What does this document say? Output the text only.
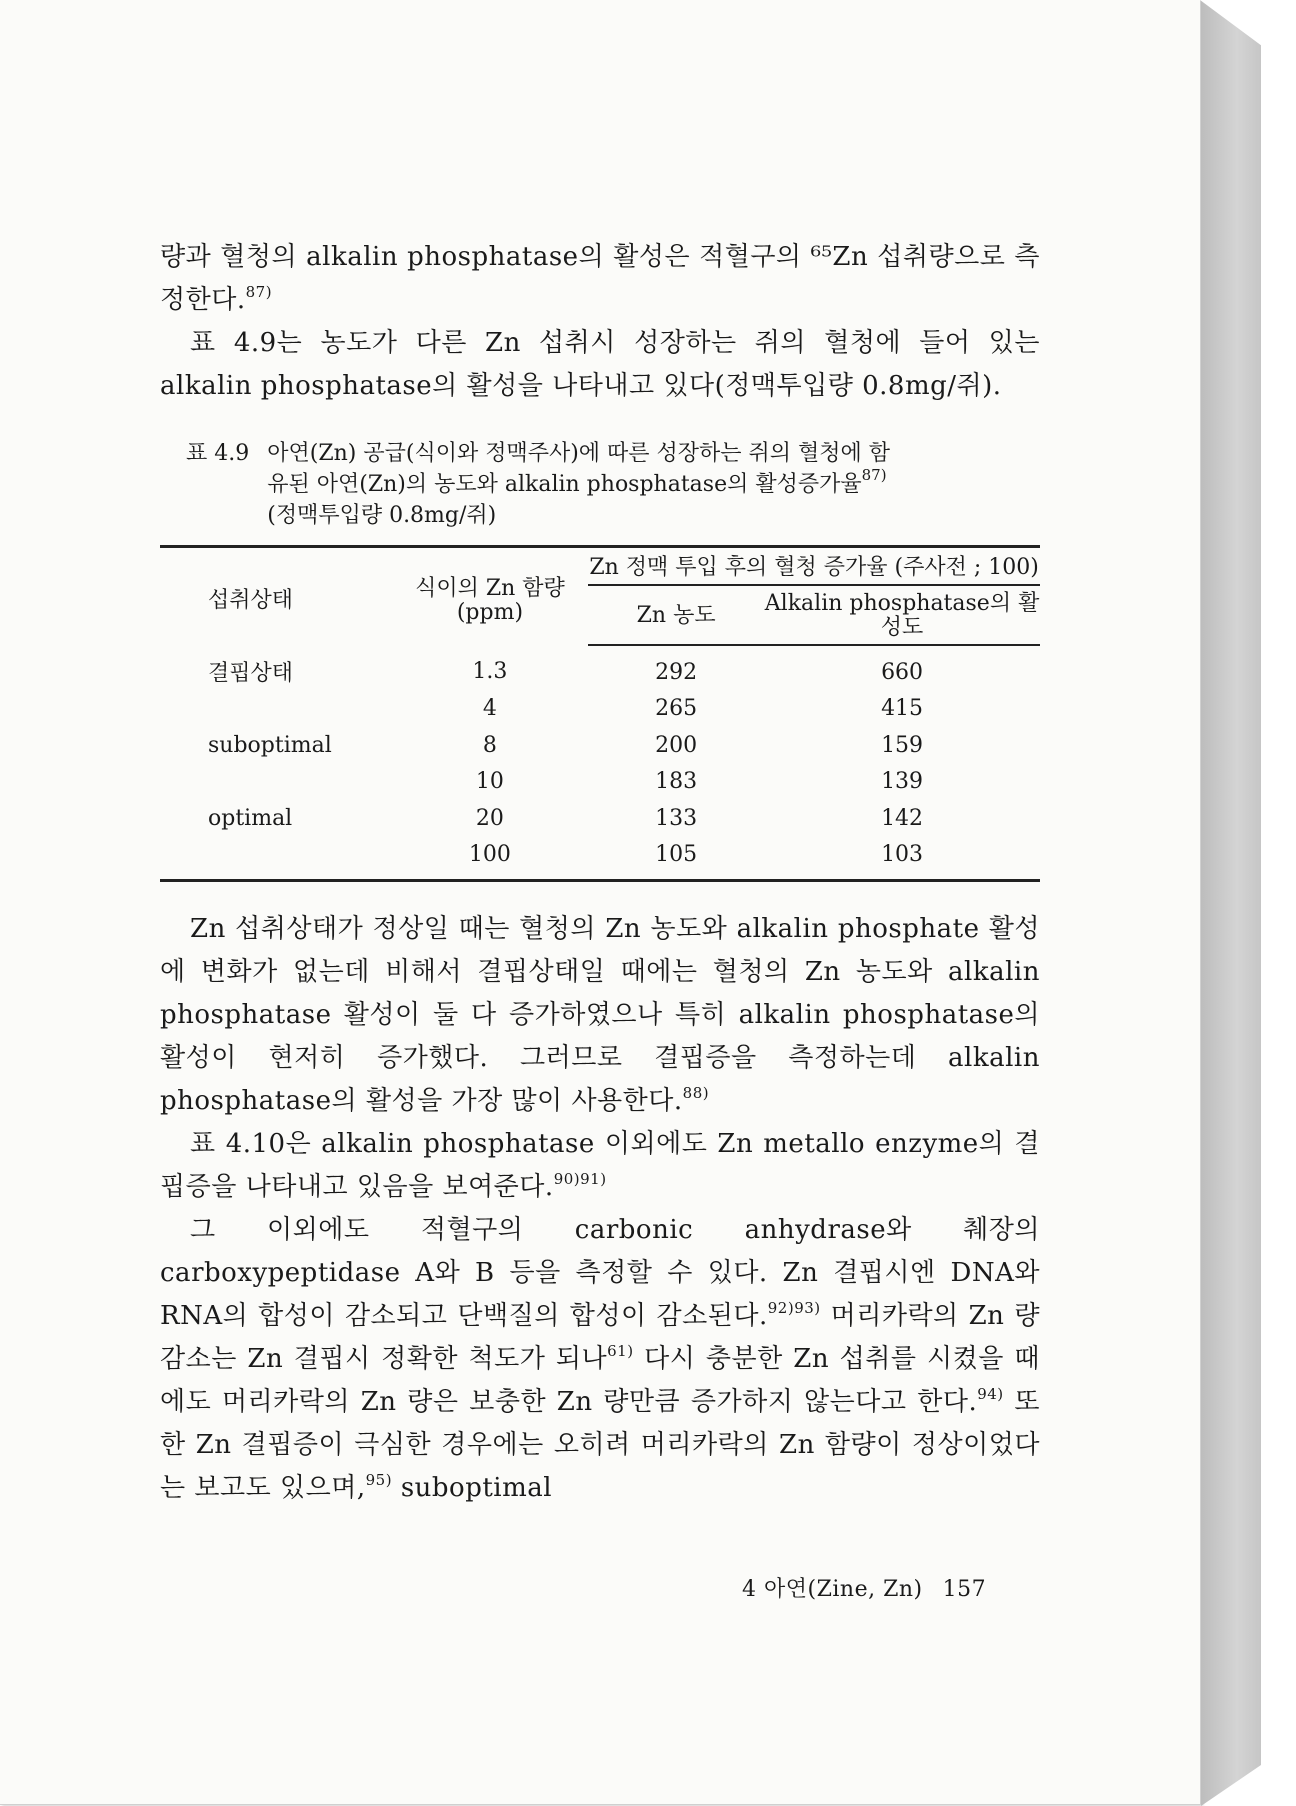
량과 혈청의 alkalin phosphatase의 활성은 적혈구의 ⁶⁵Zn 섭취량으로 측정한다.$^{87)}$

표 4.9는 농도가 다른 Zn 섭취시 성장하는 쥐의 혈청에 들어 있는 alkalin phosphatase의 활성을 나타내고 있다(정맥투입량 0.8mg/쥐).

표 4.9 아연(Zn) 공급(식이와 정맥주사)에 따른 성장하는 쥐의 혈청에 함유된 아연(Zn)의 농도와 alkalin phosphatase의 활성증가율$^{87)}$ (정맥투입량 0.8mg/쥐)
섭취상태	식이의 Zn 함량 (ppm)	Zn 정맥 투입 후의 혈청 증가율 (주사전 ; 100)	
		Zn 농도	Alkalin phosphatase의 활성도
결핍상태	1.3	292	660
	4	265	415
suboptimal	8	200	159
	10	183	139
optimal	20	133	142
	100	105	103

Zn 섭취상태가 정상일 때는 혈청의 Zn 농도와 alkalin phosphate 활성에 변화가 없는데 비해서 결핍상태일 때에는 혈청의 Zn 농도와 alkalin phosphatase 활성이 둘 다 증가하였으나 특히 alkalin phosphatase의 활성이 현저히 증가했다. 그러므로 결핍증을 측정하는데 alkalin phosphatase의 활성을 가장 많이 사용한다.$^{88)}$

표 4.10은 alkalin phosphatase 이외에도 Zn metallo enzyme의 결핍증을 나타내고 있음을 보여준다.$^{90)91)}$

그 이외에도 적혈구의 carbonic anhydrase와 췌장의 carboxypeptidase A와 B 등을 측정할 수 있다. Zn 결핍시엔 DNA와 RNA의 합성이 감소되고 단백질의 합성이 감소된다.$^{92)93)}$ 머리카락의 Zn 량 감소는 Zn 결핍시 정확한 척도가 되나$^{61)}$ 다시 충분한 Zn 섭취를 시켰을 때에도 머리카락의 Zn 량은 보충한 Zn 량만큼 증가하지 않는다고 한다.$^{94)}$ 또한 Zn 결핍증이 극심한 경우에는 오히려 머리카락의 Zn 함량이 정상이었다는 보고도 있으며,$^{95)}$ suboptimal

4 아연(Zine, Zn) 157
